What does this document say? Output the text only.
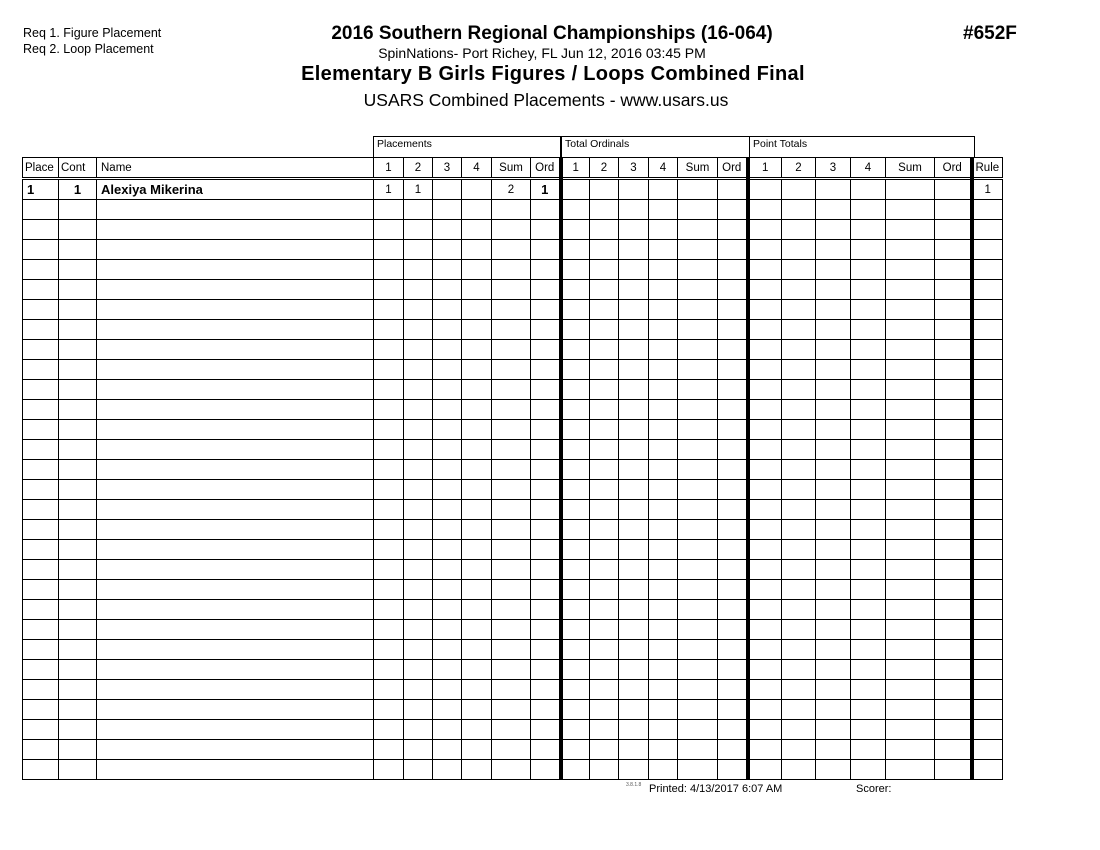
Req 1. Figure Placement
Req 2. Loop Placement
2016 Southern Regional Championships (16-064)
SpinNations- Port Richey, FL Jun 12, 2016 03:45 PM
Elementary B Girls Figures / Loops Combined Final
USARS Combined Placements - www.usars.us
#652F
Placements	Total Ordinals	Point Totals
Place	Cont	Name	1	2	3	4	Sum	Ord	1	2	3	4	Sum	Ord	1	2	3	4	Sum	Ord	Rule
1	1	Alexiya Mikerina	1	1			2	1													1

3.8.1.8 Printed: 4/13/2017 6:07 AM	Scorer:
